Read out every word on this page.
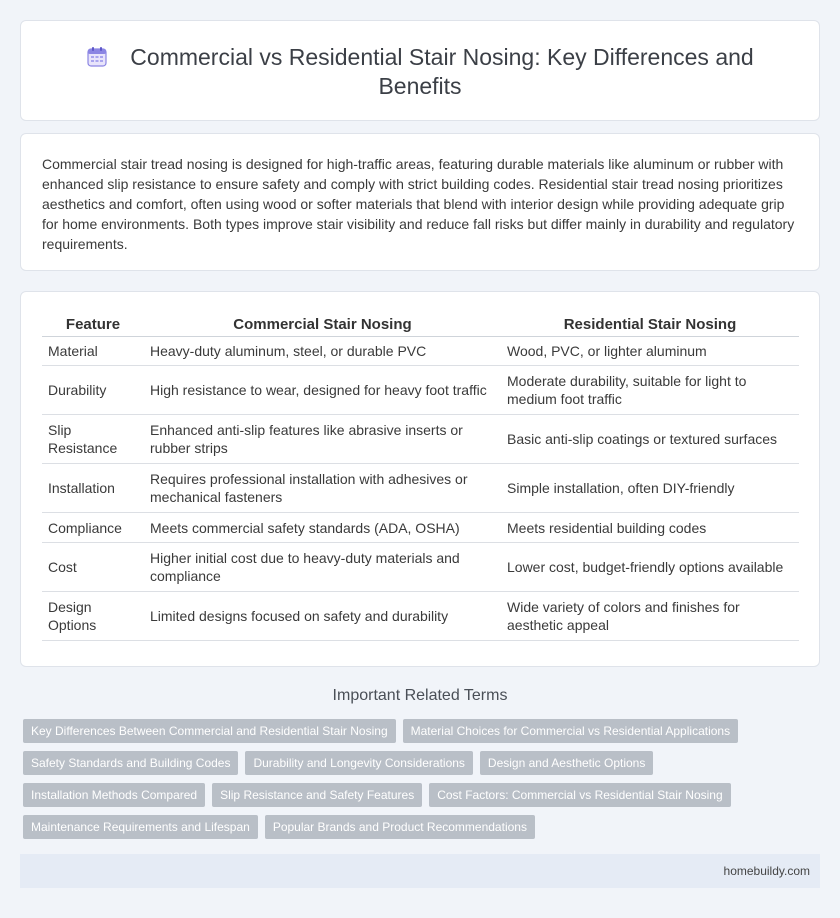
Commercial vs Residential Stair Nosing: Key Differences and Benefits

Commercial stair tread nosing is designed for high-traffic areas, featuring durable materials like aluminum or rubber with enhanced slip resistance to ensure safety and comply with strict building codes. Residential stair tread nosing prioritizes aesthetics and comfort, often using wood or softer materials that blend with interior design while providing adequate grip for home environments. Both types improve stair visibility and reduce fall risks but differ mainly in durability and regulatory requirements.

Feature	Commercial Stair Nosing	Residential Stair Nosing
Material	Heavy-duty aluminum, steel, or durable PVC	Wood, PVC, or lighter aluminum
Durability	High resistance to wear, designed for heavy foot traffic	Moderate durability, suitable for light to medium foot traffic
Slip Resistance	Enhanced anti-slip features like abrasive inserts or rubber strips	Basic anti-slip coatings or textured surfaces
Installation	Requires professional installation with adhesives or mechanical fasteners	Simple installation, often DIY-friendly
Compliance	Meets commercial safety standards (ADA, OSHA)	Meets residential building codes
Cost	Higher initial cost due to heavy-duty materials and compliance	Lower cost, budget-friendly options available
Design Options	Limited designs focused on safety and durability	Wide variety of colors and finishes for aesthetic appeal
Important Related Terms
Key Differences Between Commercial and Residential Stair Nosing	Material Choices for Commercial vs Residential Applications
Safety Standards and Building Codes	Durability and Longevity Considerations	Design and Aesthetic Options
Installation Methods Compared	Slip Resistance and Safety Features	Cost Factors: Commercial vs Residential Stair Nosing
Maintenance Requirements and Lifespan	Popular Brands and Product Recommendations
homebuildy.com
